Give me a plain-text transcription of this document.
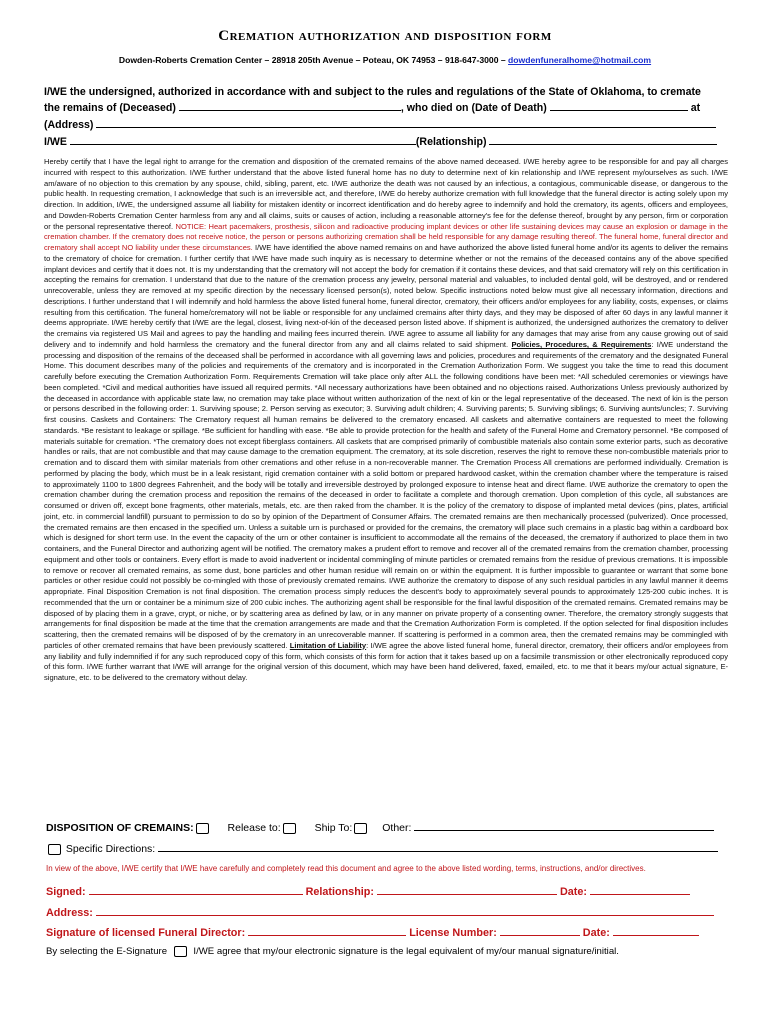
Cremation authorization and disposition form
Dowden-Roberts Cremation Center – 28918 205th Avenue – Poteau, OK 74953 – 918-647-3000 – dowdenfuneralhome@hotmail.com
I/WE the undersigned, authorized in accordance with and subject to the rules and regulations of the State of Oklahoma, to cremate
the remains of (Deceased)	, who died on (Date of Death)	at
(Address)
I/WE	(Relationship)
Hereby certify that I have the legal right to arrange for the cremation and disposition of the cremated remains of the above named deceased. I/WE hereby agree to be responsible for and pay all charges incurred with respect to this authorization. I/WE further understand that the above listed funeral home has no duty to determine next of kin relationship and I/WE represent my/ourselves as such. I/WE am/aware of no objection to this cremation by any spouse, child, sibling, parent, etc. I/WE authorize the death was not caused by an infectious, a contagious, communicable disease, or dangerous to the public health. In requesting cremation, I acknowledge that such is an irreversible act, and therefore, I/WE do hereby authorize cremation with full knowledge that the funeral director is acting solely upon my direction. In addition, I/WE, the undersigned assume all liability for mistaken identity or incorrect identification and do hereby agree to indemnify and hold the crematory, its agents, officers and employees, and Dowden-Roberts Cremation Center harmless from any and all claims, suits or causes of action, including a reasonable attorney's fee for the defense thereof, brought by any person, firm or corporation or the personal representative thereof. NOTICE: Heart pacemakers, prosthesis, silicon and radioactive producing implant devices or other life sustaining devices may cause an explosion or damage in the cremation chamber. If the crematory does not receive notice, the person or persons authorizing cremation shall be held responsible for any damage resulting thereof. The funeral home, funeral director and crematory shall accept NO liability under these circumstances. I/WE have identified the above named remains on and have authorized the above listed funeral home and/or its agents to deliver the remains to the crematory of choice for cremation. I further certify that I/WE have made such inquiry as is necessary to determine whether or not the remains of the deceased contains any of the above specified implant devices and certify that it does not. It is my understanding that the crematory will not accept the body for cremation if it contains these devices, and that said crematory will rely on this certification in accepting the remains for cremation. I understand that due to the nature of the cremation process any jewelry, personal material and valuables, to included dental gold, will be destroyed, and or rendered unrecoverable, unless they are removed at my specific direction by the necessary licensed person(s), noted below. Specific instructions noted below must give all necessary information, directions and descriptions. I further understand that I will indemnify and hold harmless the above listed funeral home, funeral director, crematory, their officers and/or employees for any liability, costs, expenses, or claims resulting from this certification. The funeral home/crematory will not be liable or responsible for any unclaimed cremains after thirty days, and they may be disposed of after 60 days in any lawful manner it deems appropriate. I/WE hereby certify that I/WE are the legal, closest, living next-of-kin of the deceased person listed above. If shipment is authorized, the undersigned authorizes the crematory to deliver the cremains via registered US Mail and agrees to pay the handling and mailing fees incurred therein. I/WE agree to assume all liability for any damages that may arise from any cause growing out of said delivery and to indemnify and hold harmless the crematory and the funeral director from any and all claims related to said shipment. Policies, Procedures, & Requirements: I/WE understand the processing and disposition of the remains of the deceased shall be performed in accordance with all governing laws and policies, procedures and requirements of the crematory and the designated Funeral Home. This document describes many of the policies and requirements of the crematory and is incorporated in the Cremation Authorization Form. We suggest you take the time to read this document carefully before executing the Cremation Authorization Form. Requirements Cremation will take place only after ALL the following conditions have been met: *All scheduled ceremonies or viewings have been completed. *Civil and medical authorities have issued all required permits. *All necessary authorizations have been obtained and no objections raised. Authorizations Unless previously authorized by the deceased in accordance with applicable state law, no cremation may take place without written authorization of the next of kin or the legal representative of the deceased. The next of kin is the person or persons described in the following order: 1. Surviving spouse; 2. Person serving as executor; 3. Surviving adult children; 4. Surviving parents; 5. Surviving siblings; 6. Surviving aunts/uncles; 7. Surviving first cousins. Caskets and Containers: The Crematory request all human remains be delivered to the crematory encased. All caskets and alternative containers are requested to meet the following standards. *Be resistant to leakage or spillage. *Be sufficient for handling with ease. *Be able to provide protection for the health and safety of the Funeral Home and Crematory personnel. *Be composed of materials suitable for cremation. *The crematory does not except fiberglass containers. All caskets that are comprised primarily of combustible materials also contain some exterior parts, such as decorative handles or rails, that are not combustible and that may cause damage to the cremation equipment. The crematory, at its sole discretion, reserves the right to remove these non-combustible materials prior to cremation and to discard them with similar materials from other cremations and other refuse in a non-recoverable manner. The Cremation Process All cremations are performed individually. Cremation is performed by placing the body, which must be in a leak resistant, rigid cremation container with a solid bottom or prepared hardwood casket, within the cremation chamber where the temperature is raised to approximately 1100 to 1800 degrees Fahrenheit, and the body will be totally and irreversible destroyed by prolonged exposure to intense heat and direct flame. I/WE authorize the crematory to open the cremation chamber during the cremation process and reposition the remains of the deceased in order to facilitate a complete and thorough cremation. Upon completion of this cycle, all substances are consumed or driven off, except bone fragments, other materials, metals, etc. are then raked from the chamber. It is the policy of the crematory to dispose of implanted metal devices (pins, plates, artificial joint, etc. in commercial landfill) pursuant to permission to do so by opinion of the Department of Consumer Affairs. The cremated remains are then mechanically processed (pulverized). Once processed, the cremated remains are then encased in the specified urn. Unless a suitable urn is purchased or provided for the cremains, the crematory will place such cremains in a plastic bag within a cardboard box which is designed for short term use. In the event the capacity of the urn or other container is insufficient to accommodate all the remains of the deceased, the crematory if authorized to place them in two containers, and the Funeral Director and authorizing agent will be notified. The crematory makes a prudent effort to remove and recover all of the cremated remains from the cremation chamber, processing equipment and other tools or containers. Every effort is made to avoid inadvertent or incidental commingling of minute particles or cremated remains from the residue of previous cremations. It is impossible to remove or recover all cremated remains, as some dust, bone particles and other human residue will remain on or within the equipment. It is further impossible to guarantee or warrant that some bone particles or other residue could not possibly be co-mingled with those of previously cremated remains. I/WE authorize the crematory to dispose of any such residual particles in any lawful manner it deems appropriate. Final Disposition Cremation is not final disposition. The cremation process simply reduces the descent's body to approximately several pounds to approximately 125-200 cubic inches. It is recommended that the urn or container be a minimum size of 200 cubic inches. The authorizing agent shall be responsible for the final lawful disposition of the cremated remains. Cremated remains may be disposed of by placing them in a grave, crypt, or niche, or by scattering area as defined by law, or in any manner on private property of a consenting owner. Therefore, the crematory strongly suggests that arrangements for final disposition be made at the time that the cremation arrangements are made and that the Cremation Authorization Form is completed. If the option selected for final disposition includes scattering, then the cremated remains will be disposed of by the crematory in an unrecoverable manner. If scattering is performed in a common area, then the cremated remains may be commingled with particles of other cremated remains that have been previously scattered. Limitation of Liability: I/WE agree the above listed funeral home, funeral director, crematory, their officers and/or employees from any liability and fully indemnified if for any such reproduced copy of this form, which consists of this form for action that it takes based up on a facsimile transmission or other electronically reproduced copy of this form. I/WE further warrant that I/WE will arrange for the original version of this document, which may have been hand delivered, faxed, emailed, etc. to me that it bears my/our actual signature, E-signature, etc. to be delivered to the crematory without delay.
DISPOSITION OF CREMAINS:	Release to:	Ship To:	Other:
Specific Directions:
In view of the above, I/WE certify that I/WE have carefully and completely read this document and agree to the above listed wording, terms, instructions, and/or directives.
Signed:	Relationship:	Date:
Address:
Signature of licensed Funeral Director:	License Number:	Date:
By selecting the E-Signature	I/WE agree that my/our electronic signature is the legal equivalent of my/our manual signature/initial.
